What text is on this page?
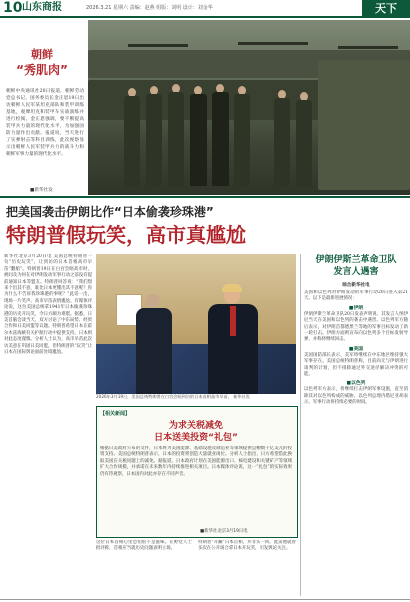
10 山东商报	2026.3.21 星期六 责编：赵燕 组版：刘明 设计：刘金华	天下
朝鲜
“秀肌肉”
朝鲜中央通讯社20日报道，朝鲜劳动党总书记、国务委员长金正恩19日出访朝鲜人民军某坦克部队和装甲训练基地，观摩坦克和装甲车实战演练并进行检阅。金正恩强调，要不断提高装甲兵力量的现代化水平，为加强国防力量作出贡献。报道说，当天进行了实弹射击等科目训练，此次视察显示出朝鲜人民军装甲兵力的战斗力和朝鲜军事力量的现代化水平。
■新华社发
把美国袭击伊朗比作“日本偷袭珍珠港”
特朗普假玩笑，高市真尴尬
新华社北京3月20日电 美国总统特朗普一句“历史玩笑”，让到访的日本首相高市早苗“翻船”。特朗普19日在白宫会晤高市时，被问及为何在对伊朗发动军事行动之前没有提前通知日本等盟友。特朗普回答说：“我们想来个出其不意，谁比日本更懂出其不意呢？你为什么不告诉我珍珠港的事呢？”此话一出，现场一片笑声。高市早苗表情尴尬。有媒体评论说，这位美国总统拿1941年日本偷袭珍珠港的历史开玩笑，令日方颇为难堪。据悉，日美首脑会谈当天，双方讨论了中东局势、经贸合作和日美同盟等议题。特朗普希望日本在霍尔木兹海峡有关护航行动中提供支持，日本则对此态度谨慎。分析人士认为，高市早苗此次访美意在巩固日美同盟，但特朗普的“玩笑”让日本在国际舆论面前处境尴尬。
2026年3月19日，美国总统特朗普在白宫会晤到访的日本首相高市早苗。 新华社发
【相关新闻】
为求关税减免
日本送美投资“礼包”
根据日美政府公布的文件，日本将为美国能源、基础设施及制造业等领域提供总额数千亿美元的投资支持。美国总统特朗普表示，日本的投资将创造大量就业岗位。分析人士指出，日方希望借此换取美国在关税问题上的减免。据报道，日本政府计划在美国能源出口、核电建设和关键矿产等领域扩大合作规模，并承诺在未来数年内持续推进相关项目。日本媒体评论说，这一“礼包”的实际效果仍有待观察，日本国内对此亦存在不同声音。
■新华社北京3月19日电
这位日本首相心里恐怕很不是滋味。在野党人士批评称，首相应当就历史问题表明立场。
特朗普“开涮”日本首相，并非头一回。此前他就曾多次在公开场合拿日本开玩笑，引发舆论关注。
伊朗伊斯兰革命卫队
发言人遇害
综合新华社电
美国和以色列对伊朗发动的军事行动20日进入第21天。以下是最新进展情况：
■伊朗
伊朗伊斯兰革命卫队20日发表声明说，其发言人纳伊尼当天在美国和以色列的袭击中遇害。以色列军方随后表示，对伊朗首都德黑兰等地的军事目标发动了新一轮打击。伊朗方面则宣布向以色列多个目标发射导弹，并称将继续回击。
■美国
美国国防部长表示，美军将继续在中东地区维持强大军事存在。美国总统特朗普称，目前尚无与伊朗进行谈判的计划，但不排除通过外交途径解决冲突的可能。
■以色列
以色列军方表示，将继续打击伊朗军事设施，直至消除其对以色列构成的威胁。以色列总理内塔尼亚胡表示，军事行动将持续必要的时间。
